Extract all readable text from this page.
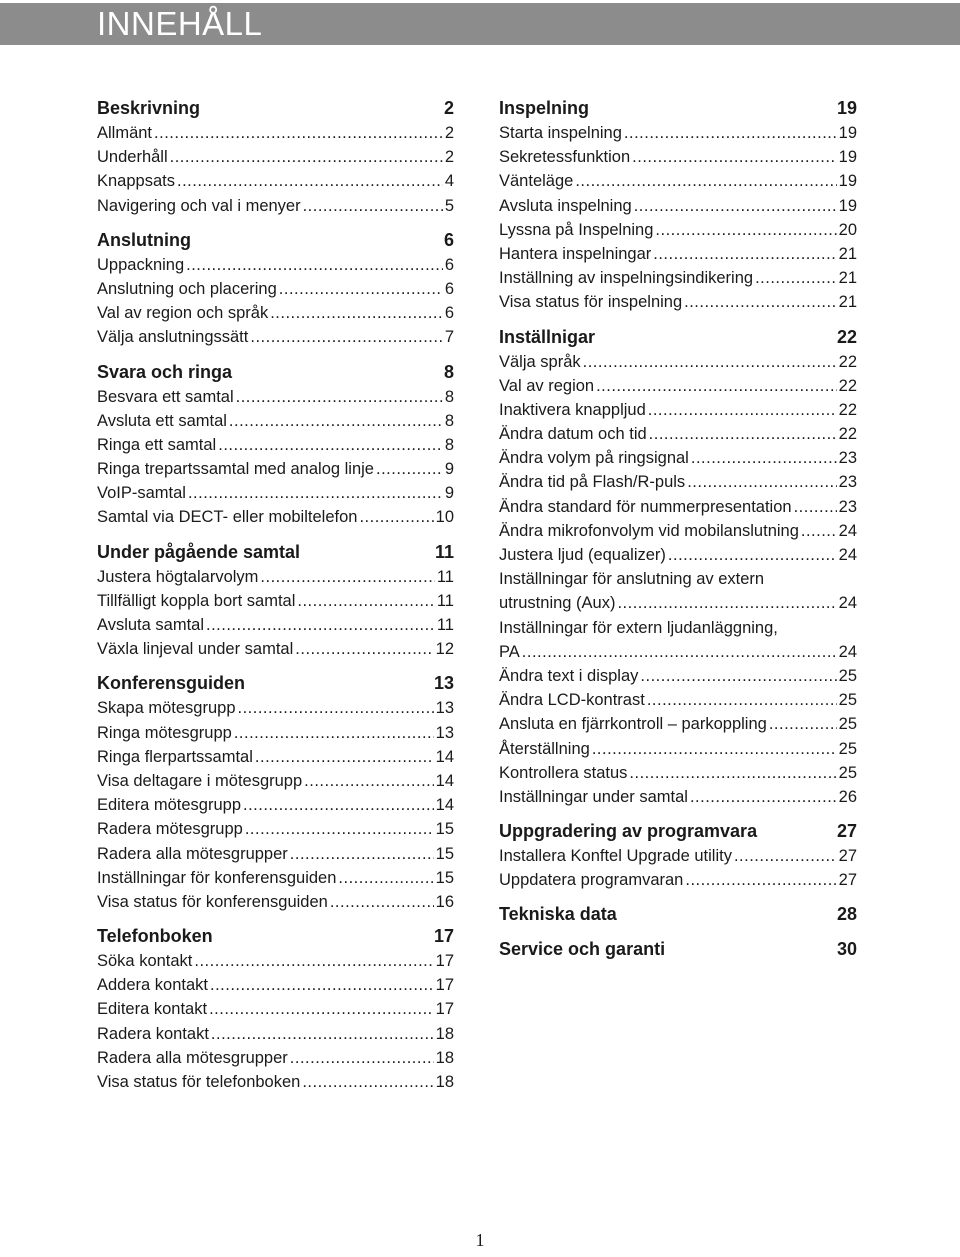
INNEHÅLL
Beskrivning	2
Allmänt .....	2
Underhåll .....	2
Knappsats .....	4
Navigering och val i menyer .....	5
Anslutning	6
Uppackning .....	6
Anslutning och placering .....	6
Val av region och språk .....	6
Välja anslutningssätt .....	7
Svara och ringa	8
Besvara ett samtal .....	8
Avsluta ett samtal .....	8
Ringa ett samtal .....	8
Ringa trepartssamtal med analog linje .....	9
VoIP-samtal .....	9
Samtal via DECT- eller mobiltelefon .....	10
Under pågående samtal	11
Justera högtalarvolym .....	11
Tillfälligt koppla bort samtal .....	11
Avsluta samtal .....	11
Växla linjeval under samtal .....	12
Konferensguiden	13
Skapa mötesgrupp .....	13
Ringa mötesgrupp .....	13
Ringa flerpartssamtal .....	14
Visa deltagare i mötesgrupp .....	14
Editera mötesgrupp .....	14
Radera mötesgrupp .....	15
Radera alla mötesgrupper .....	15
Inställningar för konferensguiden .....	15
Visa status för konferensguiden .....	16
Telefonboken	17
Söka kontakt .....	17
Addera kontakt .....	17
Editera kontakt .....	17
Radera kontakt .....	18
Radera alla mötesgrupper .....	18
Visa status för telefonboken .....	18
Inspelning	19
Starta inspelning .....	19
Sekretessfunktion .....	19
Vänteläge .....	19
Avsluta inspelning .....	19
Lyssna på Inspelning .....	20
Hantera inspelningar .....	21
Inställning av inspelningsindikering .....	21
Visa status för inspelning .....	21
Inställnigar	22
Välja språk .....	22
Val av region .....	22
Inaktivera knappljud .....	22
Ändra datum och tid .....	22
Ändra volym på ringsignal .....	23
Ändra tid på Flash/R-puls .....	23
Ändra standard för nummerpresentation .....	23
Ändra mikrofonvolym vid mobilanslutning ..... 24
Justera ljud (equalizer) .....	24
Inställningar för anslutning av extern
utrustning (Aux) .....	24
Inställningar för extern ljudanläggning,
PA .....	24
Ändra text i display .....	25
Ändra LCD-kontrast .....	25
Ansluta en fjärrkontroll – parkoppling .....	25
Återställning .....	25
Kontrollera status .....	25
Inställningar under samtal .....	26
Uppgradering av programvara	27
Installera Konftel Upgrade utility .....	27
Uppdatera programvaran .....	27
Tekniska data	28
Service och garanti	30
1
